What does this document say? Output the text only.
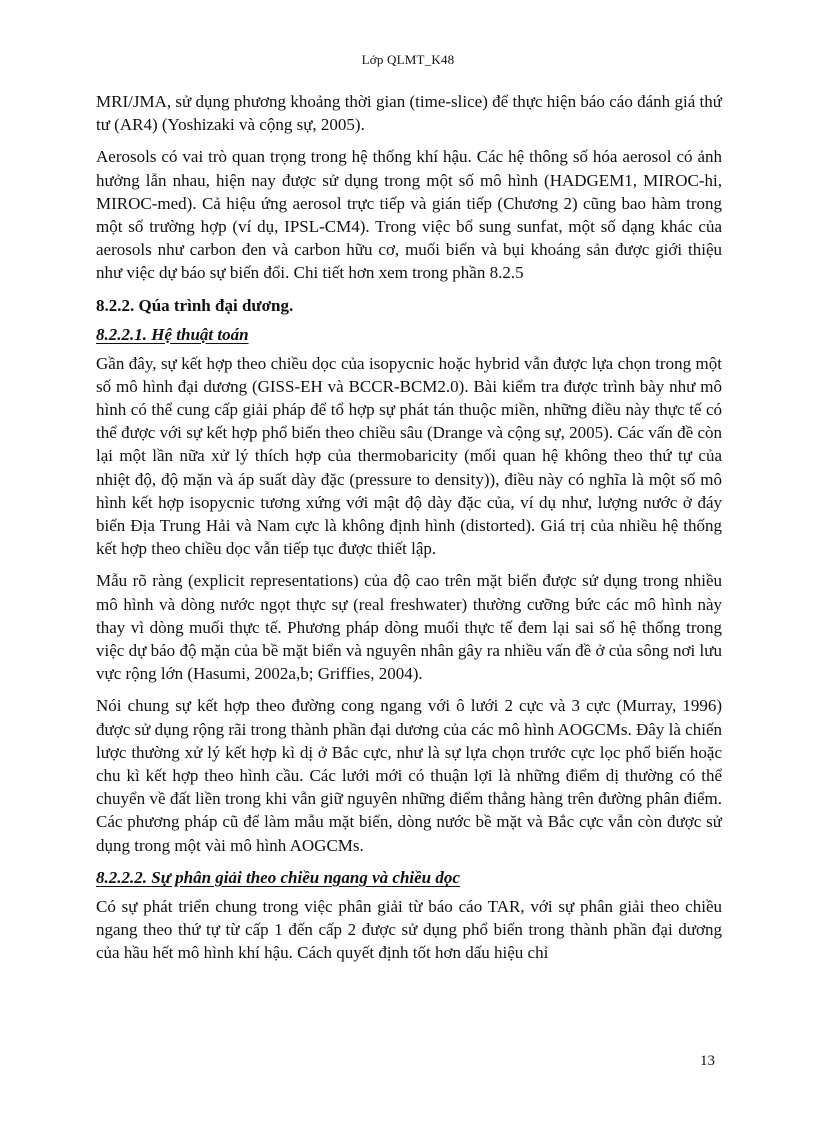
Lớp QLMT_K48

MRI/JMA, sử dụng phương khoảng thời gian (time-slice) để thực hiện báo cáo đánh giá thứ tư (AR4) (Yoshizaki và cộng sự, 2005).

Aerosols có vai trò quan trọng trong hệ thống khí hậu. Các hệ thông số hóa aerosol có ảnh hưởng lẫn nhau, hiện nay được sử dụng trong một số mô hình (HADGEM1, MIROC-hi, MIROC-med). Cả hiệu ứng aerosol trực tiếp và gián tiếp (Chương 2) cũng bao hàm trong một số trường hợp (ví dụ, IPSL-CM4). Trong việc bổ sung sunfat, một số dạng khác của aerosols như carbon đen và carbon hữu cơ, muối biển và bụi khoáng sản được giới thiệu như việc dự báo sự biến đổi. Chi tiết hơn xem trong phần 8.2.5

8.2.2. Qúa trình đại dương.
8.2.2.1. Hệ thuật toán

Gần đây, sự kết hợp theo chiều dọc của isopycnic hoặc hybrid vẫn được lựa chọn trong một số mô hình đại dương (GISS-EH và BCCR-BCM2.0). Bài kiểm tra được trình bày như mô hình có thể cung cấp giải pháp để tổ hợp sự phát tán thuộc miền, những điều này thực tế có thể được với sự kết hợp phổ biến theo chiều sâu (Drange và cộng sự, 2005). Các vấn đề còn lại một lần nữa xử lý thích hợp của thermobaricity (mối quan hệ không theo thứ tự của nhiệt độ, độ mặn và áp suất dày đặc (pressure to density)), điều này có nghĩa là một số mô hình kết hợp isopycnic tương xứng với mật độ dày đặc của, ví dụ như, lượng nước ở đáy biển Địa Trung Hải và Nam cực là không định hình (distorted). Giá trị của nhiều hệ thống kết hợp theo chiều dọc vẫn tiếp tục được thiết lập.

Mẫu rõ ràng (explicit representations) của độ cao trên mặt biển được sử dụng trong nhiều mô hình và dòng nước ngọt thực sự (real freshwater) thường cưỡng bức các mô hình này thay vì dòng muối thực tế. Phương pháp dòng muối thực tế đem lại sai số hệ thống trong việc dự báo độ mặn của bề mặt biển và nguyên nhân gây ra nhiều vấn đề ở của sông nơi lưu vực rộng lớn (Hasumi, 2002a,b; Griffies, 2004).

Nói chung sự kết hợp theo đường cong ngang với ô lưới 2 cực và 3 cực (Murray, 1996) được sử dụng rộng rãi trong thành phần đại dương của các mô hình AOGCMs. Đây là chiến lược thường xử lý kết hợp kì dị ở Bắc cực, như là sự lựa chọn trước cực lọc phổ biến hoặc chu kì kết hợp theo hình cầu. Các lưới mới có thuận lợi là những điểm dị thường có thể chuyển về đất liền trong khi vẫn giữ nguyên những điểm thẳng hàng trên đường phân điểm. Các phương pháp cũ để làm mẫu mặt biển, dòng nước bề mặt và Bắc cực vẫn còn được sử dụng trong một vài mô hình AOGCMs.

8.2.2.2. Sự phân giải theo chiều ngang và chiều dọc

Có sự phát triển chung trong việc phân giải từ báo cáo TAR, với sự phân giải theo chiều ngang theo thứ tự từ cấp 1 đến cấp 2 được sử dụng phổ biến trong thành phần đại dương của hầu hết mô hình khí hậu. Cách quyết định tốt hơn dấu hiệu chỉ

13
